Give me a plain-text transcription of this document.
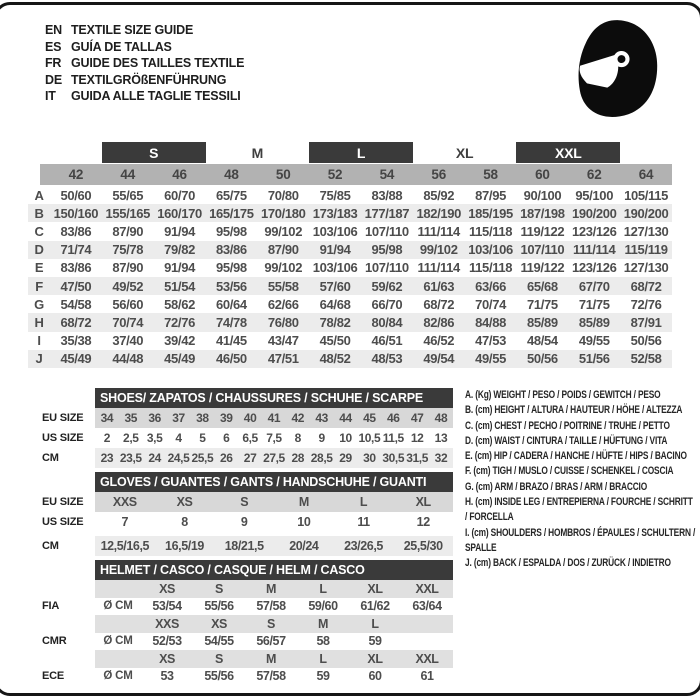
EN TEXTILE SIZE GUIDE
ES GUÍA DE TALLAS
FR GUIDE DES TAILLES TEXTILE
DE TEXTILGRÖßENFÜHRUNG
IT	GUIDA ALLE TAGLIE TESSILI
S	M	L	XL	XXL
42	44	46	48	50	52	54	56	58	60	62	64
A	50/60	55/65	60/70	65/75	70/80	75/85	83/88	85/92	87/95	90/100	95/100 105/115
B 150/160 155/165 160/170 165/175 170/180 173/183 177/187 182/190 185/195 187/198 190/200 190/200
C	83/86	87/90	91/94	95/98	99/102 103/106 107/110 111/114 115/118 119/122 123/126 127/130
D	71/74	75/78	79/82	83/86	87/90	91/94	95/98	99/102 103/106 107/110 111/114 115/119
E	83/86	87/90	91/94	95/98	99/102 103/106 107/110 111/114 115/118 119/122 123/126 127/130
F	47/50	49/52	51/54	53/56	55/58	57/60	59/62	61/63	63/66	65/68	67/70	68/72
G	54/58	56/60	58/62	60/64	62/66	64/68	66/70	68/72	70/74	71/75	71/75	72/76
H	68/72	70/74	72/76	74/78	76/80	78/82	80/84	82/86	84/88	85/89	85/89	87/91
I	35/38	37/40	39/42	41/45	43/47	45/50	46/51	46/52	47/53	48/54	49/55	50/56
J	45/49	44/48	45/49	46/50	47/51	48/52	48/53	49/54	49/55	50/56	51/56	52/58
SHOES/ ZAPATOS / CHAUSSURES / SCHUHE / SCARPE
EU SIZE	34 35 36 37 38 39 40 41 42 43 44 45 46 47 48
US SIZE	2	2,5 3,5	4	5	6	6,5 7,5	8	9	10 10,5 11,5 12 13
CM	23 23,5 24 24,5 25,5 26 27 27,5 28 28,5 29 30 30,5 31,5 32
GLOVES / GUANTES / GANTS / HANDSCHUHE / GUANTI
EU SIZE	XXS	XS	S	M	L	XL
US SIZE	7	8	9	10	11	12
CM	12,5/16,5	16,5/19	18/21,5	20/24	23/26,5	25,5/30
HELMET / CASCO / CASQUE / HELM / CASCO
XS	S	M	L	XL	XXL
FIA	Ø CM	53/54	55/56	57/58	59/60	61/62	63/64
XXS	XS	S	M	L
CMR	Ø CM	52/53	54/55	56/57	58	59
XS	S	M	L	XL	XXL
ECE	Ø CM	53	55/56	57/58	59	60	61
A. (Kg) WEIGHT / PESO / POIDS / GEWITCH / PESO
B. (cm) HEIGHT / ALTURA / HAUTEUR / HÖHE / ALTEZZA
C. (cm) CHEST / PECHO / POITRINE / TRUHE / PETTO
D. (cm) WAIST / CINTURA / TAILLE / HÜFTUNG / VITA
E. (cm) HIP / CADERA / HANCHE / HÜFTE / HIPS / BACINO
F. (cm) TIGH / MUSLO / CUISSE / SCHENKEL / COSCIA
G. (cm) ARM / BRAZO / BRAS / ARM / BRACCIO
H. (cm) INSIDE LEG / ENTREPIERNA / FOURCHE / SCHRITT / FORCELLA
I. (cm) SHOULDERS / HOMBROS / ÉPAULES / SCHULTERN / SPALLE
J. (cm) BACK / ESPALDA / DOS / ZURÜCK / INDIETRO
